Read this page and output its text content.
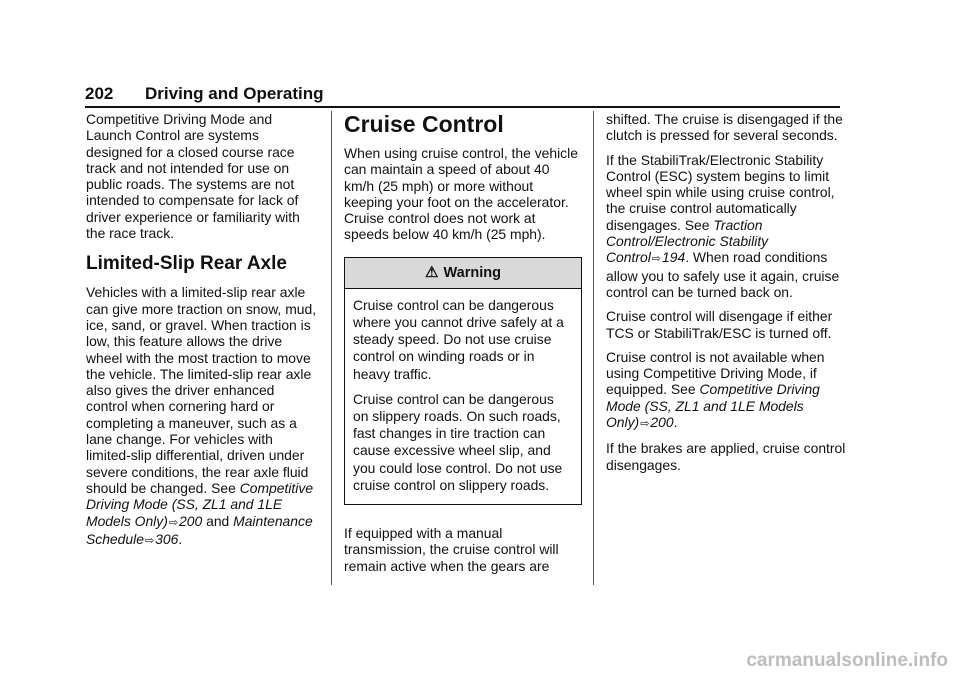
202 Driving and Operating

Competitive Driving Mode and Launch Control are systems designed for a closed course race track and not intended for use on public roads. The systems are not intended to compensate for lack of driver experience or familiarity with the race track.

Limited-Slip Rear Axle

Vehicles with a limited-slip rear axle can give more traction on snow, mud, ice, sand, or gravel. When traction is low, this feature allows the drive wheel with the most traction to move the vehicle. The limited-slip rear axle also gives the driver enhanced control when cornering hard or completing a maneuver, such as a lane change. For vehicles with limited-slip differential, driven under severe conditions, the rear axle fluid should be changed. See Competitive Driving Mode (SS, ZL1 and 1LE Models Only)⇨200 and Maintenance Schedule⇨306.

Cruise Control

When using cruise control, the vehicle can maintain a speed of about 40 km/h (25 mph) or more without keeping your foot on the accelerator. Cruise control does not work at speeds below 40 km/h (25 mph).

⚠ Warning

Cruise control can be dangerous where you cannot drive safely at a steady speed. Do not use cruise control on winding roads or in heavy traffic.

Cruise control can be dangerous on slippery roads. On such roads, fast changes in tire traction can cause excessive wheel slip, and you could lose control. Do not use cruise control on slippery roads.

If equipped with a manual transmission, the cruise control will remain active when the gears are

shifted. The cruise is disengaged if the clutch is pressed for several seconds.

If the StabiliTrak/Electronic Stability Control (ESC) system begins to limit wheel spin while using cruise control, the cruise control automatically disengages. See Traction Control/Electronic Stability Control⇨194. When road conditions allow you to safely use it again, cruise control can be turned back on.

Cruise control will disengage if either TCS or StabiliTrak/ESC is turned off.

Cruise control is not available when using Competitive Driving Mode, if equipped. See Competitive Driving Mode (SS, ZL1 and 1LE Models Only)⇨200.

If the brakes are applied, cruise control disengages.

carmanualsonline.info
